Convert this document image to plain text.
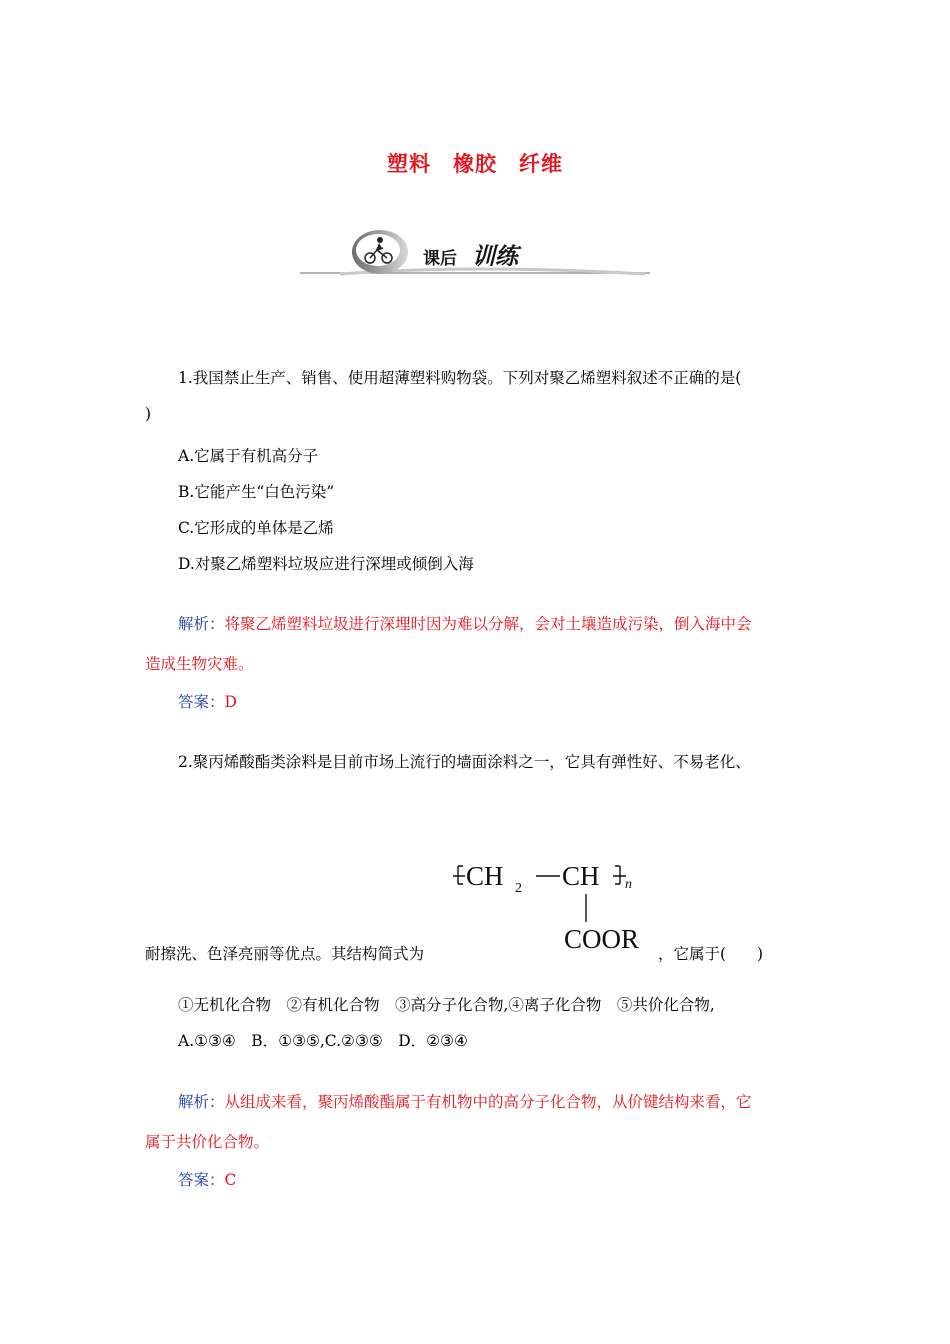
塑料　橡胶　纤维
课后 训练
1.我国禁止生产、销售、使用超薄塑料购物袋。下列对聚乙烯塑料叙述不正确的是(
)
A.它属于有机高分子
B.它能产生“白色污染”
C.它形成的单体是乙烯
D.对聚乙烯塑料垃圾应进行深埋或倾倒入海
解析：将聚乙烯塑料垃圾进行深埋时因为难以分解，会对土壤造成污染，倒入海中会
造成生物灾难。
答案：D
2.聚丙烯酸酯类涂料是目前市场上流行的墙面涂料之一，它具有弹性好、不易老化、
CH 2 CH n
COOR
耐擦洗、色泽亮丽等优点。其结构简式为	，它属于(　　)
①无机化合物　②有机化合物　③高分子化合物,④离子化合物　⑤共价化合物,
A.①③④　B．①③⑤,C.②③⑤　D．②③④
解析：从组成来看，聚丙烯酸酯属于有机物中的高分子化合物，从价键结构来看，它
属于共价化合物。
答案：C
